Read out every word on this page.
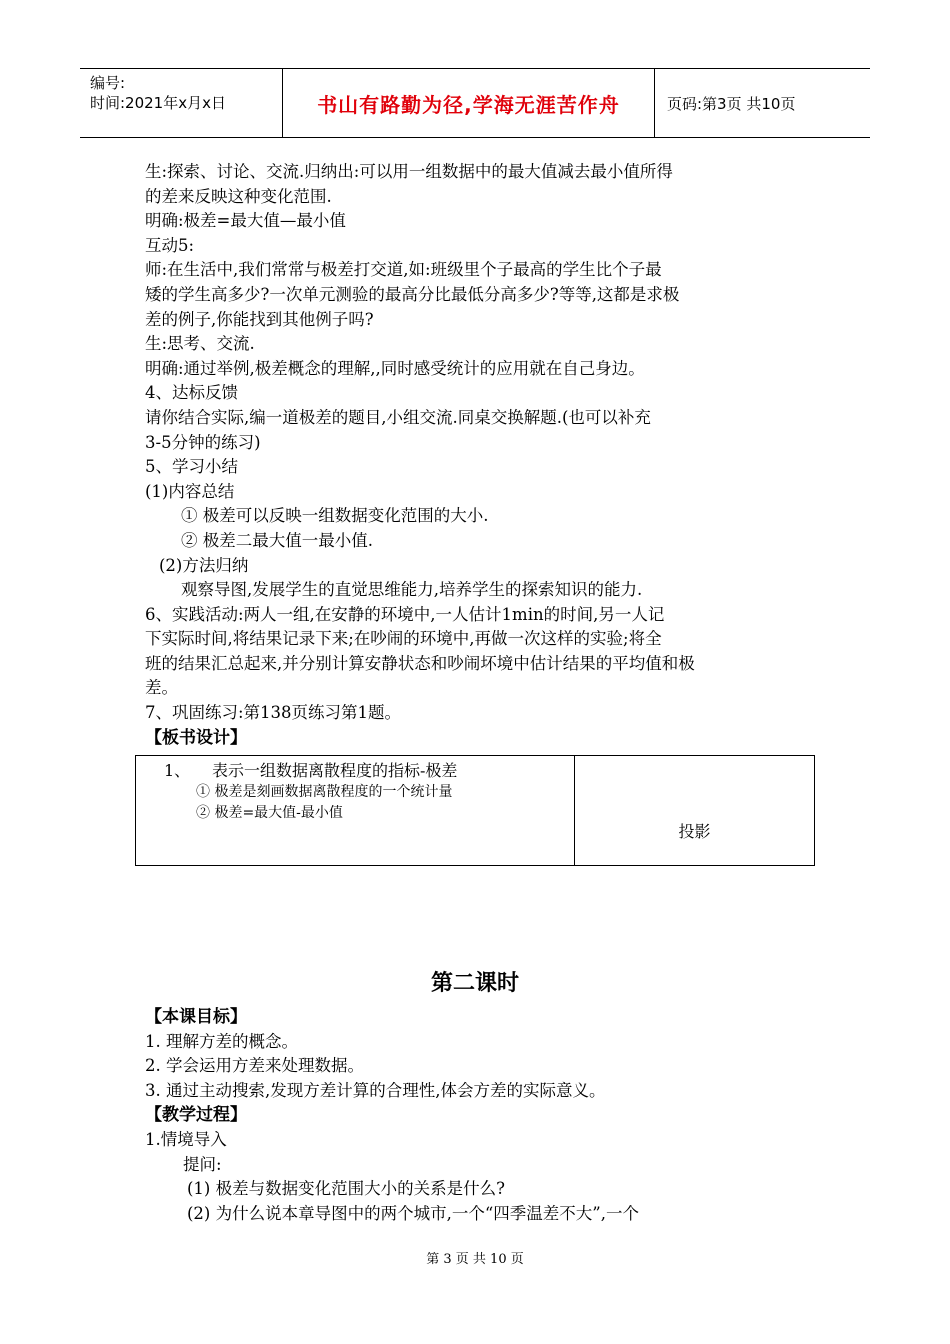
编号:
时间:2021年x月x日	书山有路勤为径,学海无涯苦作舟	页码:第3页 共10页

生:探索、讨论、交流.归纳出:可以用一组数据中的最大值减去最小值所得

的差来反映这种变化范围.

明确:极差=最大值—最小值

互动5:

师:在生活中,我们常常与极差打交道,如:班级里个子最高的学生比个子最

矮的学生高多少?一次单元测验的最高分比最低分高多少?等等,这都是求极

差的例子,你能找到其他例子吗?

生:思考、交流.

明确:通过举例,极差概念的理解,,同时感受统计的应用就在自己身边。

4、达标反馈

请你结合实际,编一道极差的题目,小组交流.同桌交换解题.(也可以补充

3-5分钟的练习)

5、学习小结

(1)内容总结

① 极差可以反映一组数据变化范围的大小.

② 极差二最大值一最小值.

(2)方法归纳

观察导图,发展学生的直觉思维能力,培养学生的探索知识的能力.

6、实践活动:两人一组,在安静的环境中,一人估计1min的时间,另一人记

下实际时间,将结果记录下来;在吵闹的环境中,再做一次这样的实验;将全

班的结果汇总起来,并分别计算安静状态和吵闹坏境中估计结果的平均值和极

差。

7、巩固练习:第138页练习第1题。

【板书设计】

1、 表示一组数据离散程度的指标-极差
① 极差是刻画数据离散程度的一个统计量
② 极差=最大值-最小值
投影
第二课时

【本课目标】

1. 理解方差的概念。

2. 学会运用方差来处理数据。

3. 通过主动搜索,发现方差计算的合理性,体会方差的实际意义。

【教学过程】

1.情境导入

提问:

(1) 极差与数据变化范围大小的关系是什么?

(2) 为什么说本章导图中的两个城市,一个“四季温差不大”,一个

第 3 页 共 10 页
